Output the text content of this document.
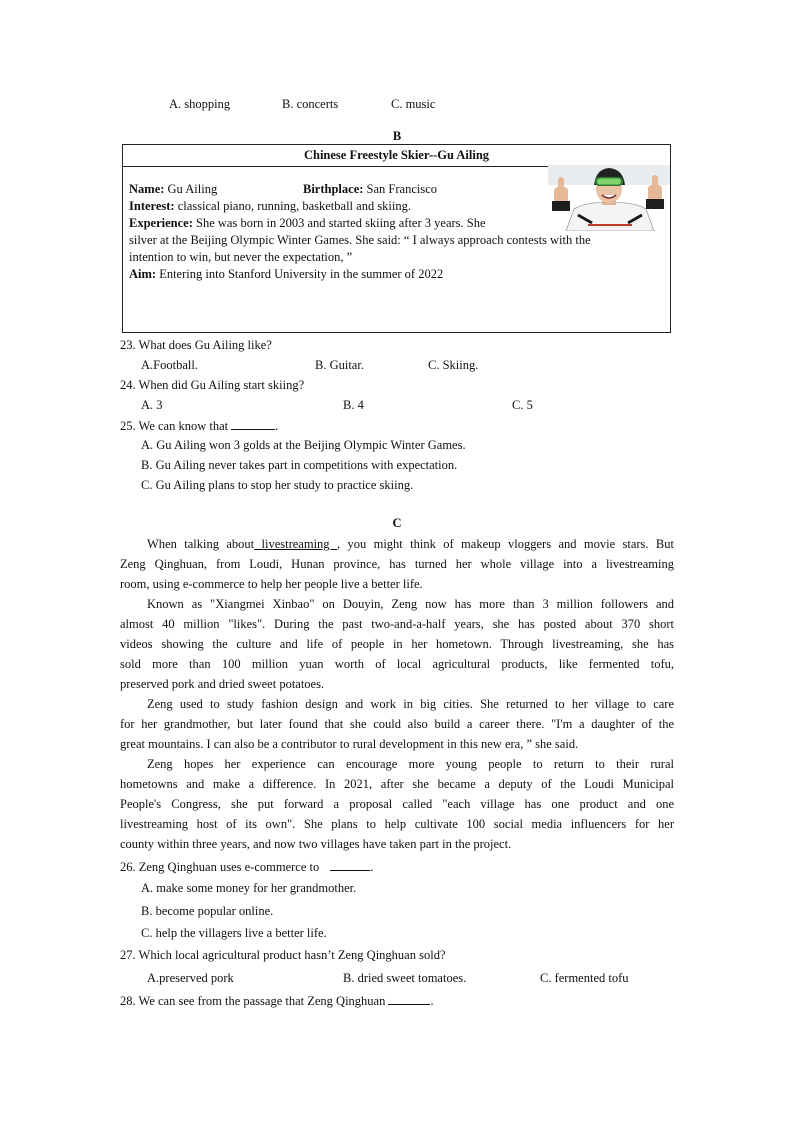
A. shopping	B. concerts	C. music
B
Chinese Freestyle Skier--Gu Ailing
Name: Gu Ailing	Birthplace: San Francisco
Interest: classical piano, running, basketball and skiing.
Experience: She was born in 2003 and started skiing after 3 years. She
silver at the Beijing Olympic Winter Games. She said: “ I always approach contests with the
intention to win, but never the expectation, ”
Aim: Entering into Stanford University in the summer of 2022
23. What does Gu Ailing like?
A.Football.	B. Guitar.	C. Skiing.
24. When did Gu Ailing start skiing?
A. 3	B. 4	C. 5
25. We can know that	.
A. Gu Ailing won 3 golds at the Beijing Olympic Winter Games.
B. Gu Ailing never takes part in competitions with expectation.
C. Gu Ailing plans to stop her study to practice skiing.
C
When talking about livestreaming , you might think of makeup vloggers and movie stars. But
Zeng Qinghuan, from Loudi, Hunan province, has turned her whole village into a livestreaming
room, using e-commerce to help her people live a better life.
Known as "Xiangmei Xinbao" on Douyin, Zeng now has more than 3 million followers and
almost 40 million "likes". During the past two-and-a-half years, she has posted about 370 short
videos showing the culture and life of people in her hometown. Through livestreaming, she has
sold more than 100 million yuan worth of local agricultural products, like fermented tofu,
preserved pork and dried sweet potatoes.
Zeng used to study fashion design and work in big cities. She returned to her village to care
for her grandmother, but later found that she could also build a career there. "I'm a daughter of the
great mountains. I can also be a contributor to rural development in this new era, ” she said.
Zeng hopes her experience can encourage more young people to return to their rural
hometowns and make a difference. In 2021, after she became a deputy of the Loudi Municipal
People's Congress, she put forward a proposal called "each village has one product and one
livestreaming host of its own". She plans to help cultivate 100 social media influencers for her
county within three years, and now two villages have taken part in the project.
26. Zeng Qinghuan uses e-commerce to	.
A. make some money for her grandmother.
B. become popular online.
C. help the villagers live a better life.
27. Which local agricultural product hasn’t Zeng Qinghuan sold?
A.preserved pork	B. dried sweet tomatoes.	C. fermented tofu
28. We can see from the passage that Zeng Qinghuan	.
